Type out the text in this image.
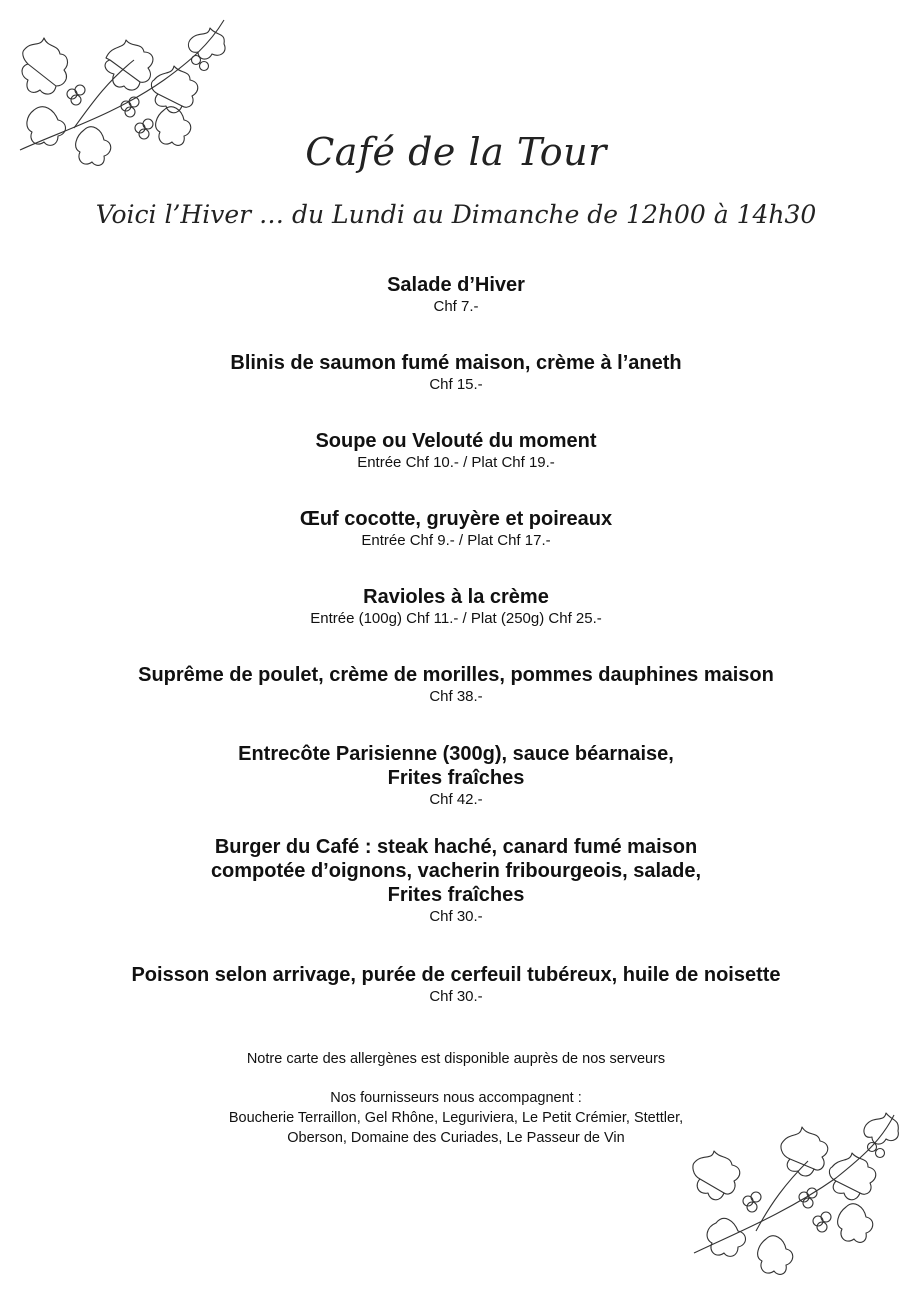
Café de la Tour
Voici l’Hiver … du Lundi au Dimanche de 12h00 à 14h30
Salade d’Hiver
Chf 7.-
Blinis de saumon fumé maison, crème à l’aneth
Chf 15.-
Soupe ou Velouté du moment
Entrée Chf 10.- / Plat Chf 19.-
Œuf cocotte, gruyère et poireaux
Entrée Chf 9.- / Plat Chf 17.-
Ravioles à la crème
Entrée (100g) Chf 11.- / Plat (250g) Chf 25.-
Suprême de poulet, crème de morilles, pommes dauphines maison
Chf 38.-
Entrecôte Parisienne (300g), sauce béarnaise,
Frites fraîches
Chf 42.-
Burger du Café : steak haché, canard fumé maison
compotée d’oignons, vacherin fribourgeois, salade,
Frites fraîches
Chf 30.-
Poisson selon arrivage, purée de cerfeuil tubéreux, huile de noisette
Chf 30.-
Notre carte des allergènes est disponible auprès de nos serveurs
Nos fournisseurs nous accompagnent :
Boucherie Terraillon, Gel Rhône, Leguriviera, Le Petit Crémier, Stettler,
Oberson, Domaine des Curiades, Le Passeur de Vin
